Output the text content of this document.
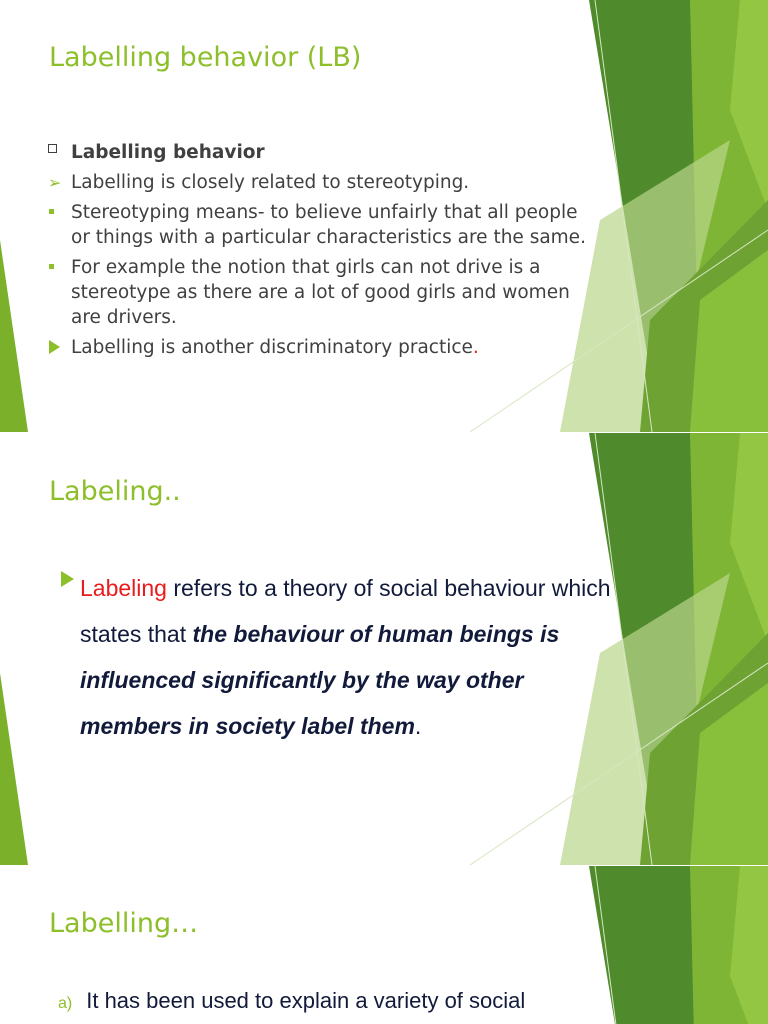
Labelling behavior (LB)
Labelling behavior
➢ Labelling is closely related to stereotyping.
Stereotyping means- to believe unfairly that all people or things with a particular characteristics are the same.
For example the notion that girls can not drive is a stereotype as there are a lot of good girls and women are drivers.
Labelling is another discriminatory practice.
Labeling..
Labeling refers to a theory of social behaviour which states that the behaviour of human beings is influenced significantly by the way other members in society label them.
Labelling…
a) It has been used to explain a variety of social
